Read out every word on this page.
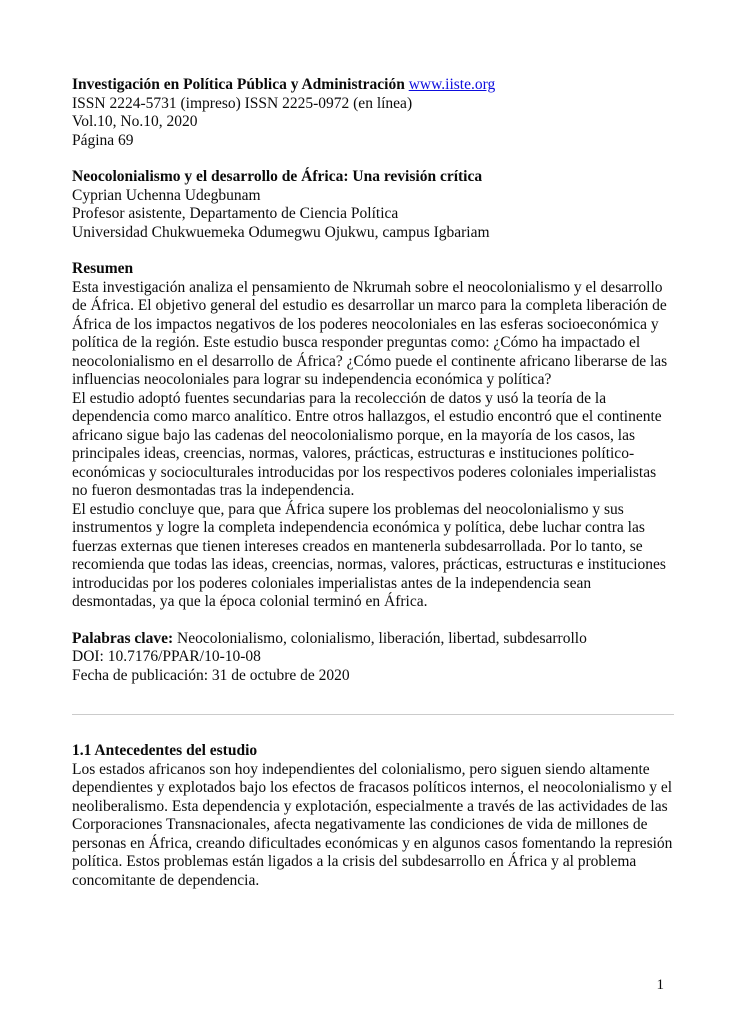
Investigación en Política Pública y Administración www.iiste.org
ISSN 2224-5731 (impreso) ISSN 2225-0972 (en línea)
Vol.10, No.10, 2020
Página 69
Neocolonialismo y el desarrollo de África: Una revisión crítica
Cyprian Uchenna Udegbunam
Profesor asistente, Departamento de Ciencia Política
Universidad Chukwuemeka Odumegwu Ojukwu, campus Igbariam
Resumen

Esta investigación analiza el pensamiento de Nkrumah sobre el neocolonialismo y el desarrollo de África. El objetivo general del estudio es desarrollar un marco para la completa liberación de África de los impactos negativos de los poderes neocoloniales en las esferas socioeconómica y política de la región. Este estudio busca responder preguntas como: ¿Cómo ha impactado el neocolonialismo en el desarrollo de África? ¿Cómo puede el continente africano liberarse de las influencias neocoloniales para lograr su independencia económica y política?

El estudio adoptó fuentes secundarias para la recolección de datos y usó la teoría de la dependencia como marco analítico. Entre otros hallazgos, el estudio encontró que el continente africano sigue bajo las cadenas del neocolonialismo porque, en la mayoría de los casos, las principales ideas, creencias, normas, valores, prácticas, estructuras e instituciones político-económicas y socioculturales introducidas por los respectivos poderes coloniales imperialistas no fueron desmontadas tras la independencia.

El estudio concluye que, para que África supere los problemas del neocolonialismo y sus instrumentos y logre la completa independencia económica y política, debe luchar contra las fuerzas externas que tienen intereses creados en mantenerla subdesarrollada. Por lo tanto, se recomienda que todas las ideas, creencias, normas, valores, prácticas, estructuras e instituciones introducidas por los poderes coloniales imperialistas antes de la independencia sean desmontadas, ya que la época colonial terminó en África.

Palabras clave: Neocolonialismo, colonialismo, liberación, libertad, subdesarrollo
DOI: 10.7176/PPAR/10-10-08
Fecha de publicación: 31 de octubre de 2020
1.1 Antecedentes del estudio

Los estados africanos son hoy independientes del colonialismo, pero siguen siendo altamente dependientes y explotados bajo los efectos de fracasos políticos internos, el neocolonialismo y el neoliberalismo. Esta dependencia y explotación, especialmente a través de las actividades de las Corporaciones Transnacionales, afecta negativamente las condiciones de vida de millones de personas en África, creando dificultades económicas y en algunos casos fomentando la represión política. Estos problemas están ligados a la crisis del subdesarrollo en África y al problema concomitante de dependencia.

1
